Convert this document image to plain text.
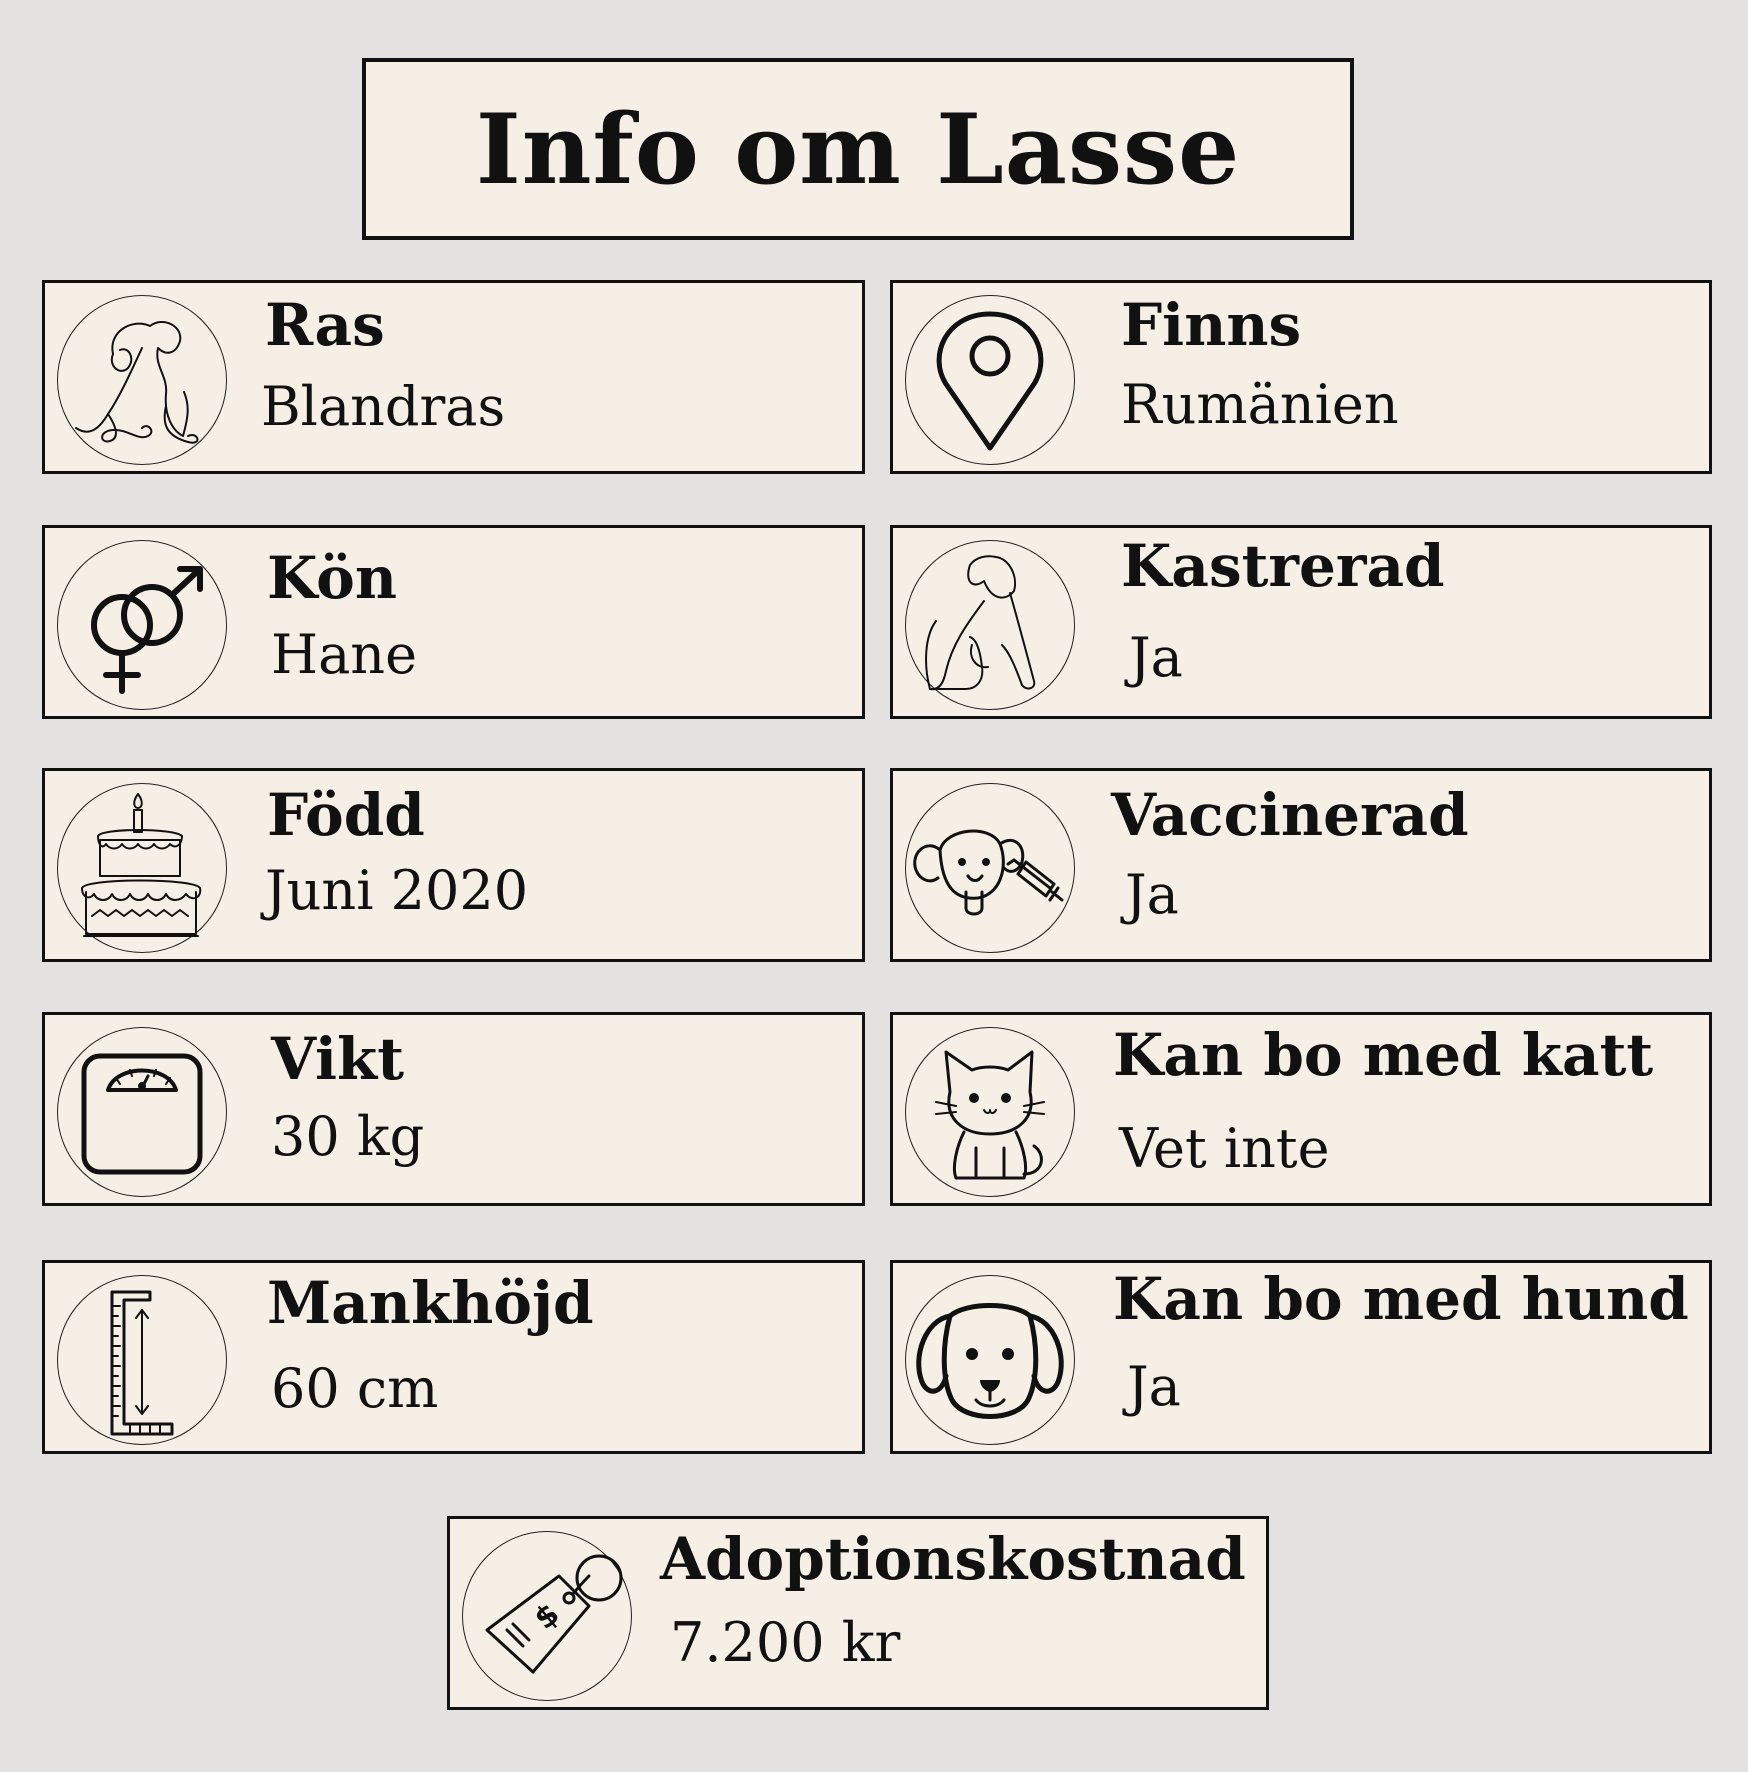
Info om Lasse
Ras
Blandras
Finns
Rumänien
Kön
Hane
Kastrerad
Ja
Född
Juni 2020
Vaccinerad
Ja
Vikt
30 kg
Kan bo med katt
Vet inte
Mankhöjd
60 cm
Kan bo med hund
Ja
$
Adoptionskostnad
7.200 kr
